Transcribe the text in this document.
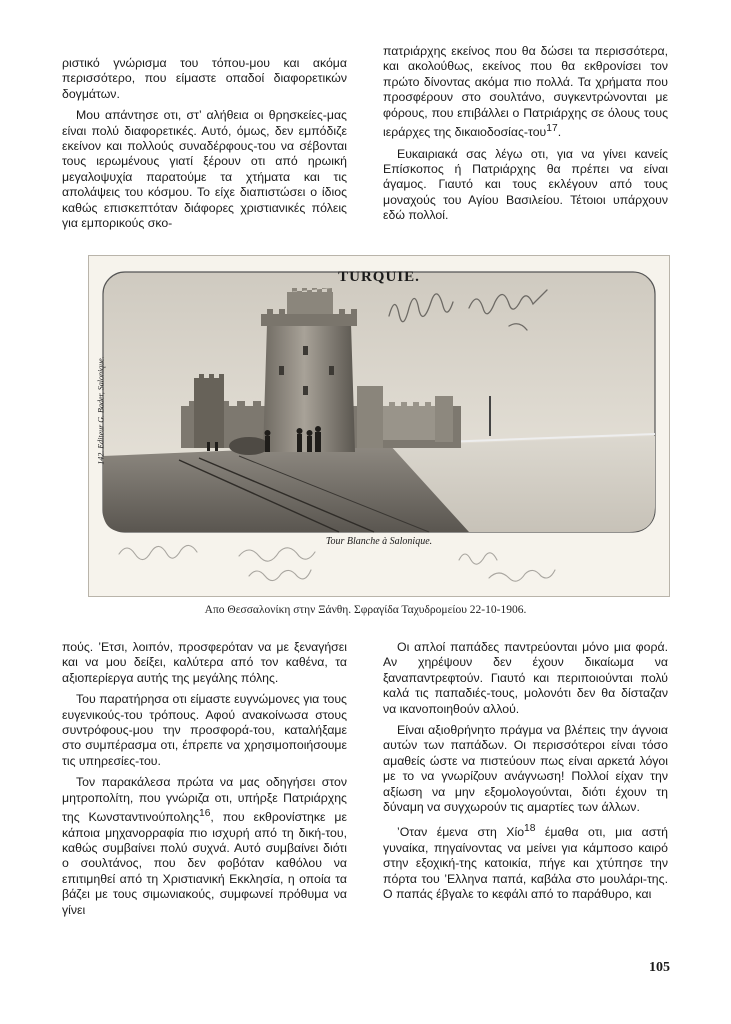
ριστικό γνώρισμα του τόπου-μου και ακόμα περισσότερο, που είμαστε οπαδοί διαφορετικών δογμάτων.

Μου απάντησε οτι, στ’ αλήθεια οι θρησκείες-μας είναι πολύ διαφορετικές. Αυτό, όμως, δεν εμπόδιζε εκείνον και πολλούς συναδέρφους-του να σέβονται τους ιερωμένους γιατί ξέρουν οτι από ηρωική μεγαλοψυχία παρατούμε τα χτήματα και τις απολάψεις του κόσμου. Το είχε διαπιστώσει ο ίδιος καθώς επισκεπτόταν διάφορες χριστιανικές πόλεις για εμπορικούς σκο-

πατριάρχης εκείνος που θα δώσει τα περισσότερα, και ακολούθως, εκείνος που θα εκθρονίσει τον πρώτο δίνοντας ακόμα πιο πολλά. Τα χρήματα που προσφέρουν στο σουλτάνο, συγκεντρώνονται με φόρους, που επιβάλλει ο Πατριάρχης σε όλους τους ιεράρχες της δικαιοδοσίας-του$^{17}$.

Ευκαιριακά σας λέγω οτι, για να γίνει κανείς Επίσκοπος ή Πατριάρχης θα πρέπει να είναι άγαμος. Γιαυτό και τους εκλέγουν από τους μοναχούς του Αγίου Βασιλείου. Τέτοιοι υπάρχουν εδώ πολλοί.

TURQUIE.
142. Editeur G. Bader, Salonique.
Tour Blanche à Salonique.
Απο Θεσσαλονίκη στην Ξάνθη. Σφραγίδα Ταχυδρομείου 22-10-1906.

πούς. ’Ετσι, λοιπόν, προσφερόταν να με ξεναγήσει και να μου δείξει, καλύτερα από τον καθένα, τα αξιοπερίεργα αυτής της μεγάλης πόλης.

Του παρατήρησα οτι είμαστε ευγνώμονες για τους ευγενικούς-του τρόπους. Αφού ανακοίνωσα στους συντρόφους-μου την προσφορά-του, καταλήξαμε στο συμπέρασμα οτι, έπρεπε να χρησιμοποιήσουμε τις υπηρεσίες-του.

Τον παρακάλεσα πρώτα να μας οδηγήσει στον μητροπολίτη, που γνώριζα οτι, υπήρξε Πατριάρχης της Κωνσταντινούπολης$^{16}$, που εκθρονίστηκε με κάποια μηχανορραφία πιο ισχυρή από τη δική-του, καθώς συμβαίνει πολύ συχνά. Αυτό συμβαίνει διότι ο σουλτάνος, που δεν φοβόταν καθόλου να επιτιμηθεί από τη Χριστιανική Εκκλησία, η οποία τα βάζει με τους σιμωνιακούς, συμφωνεί πρόθυμα να γίνει

Οι απλοί παπάδες παντρεύονται μόνο μια φορά. Αν χηρέψουν δεν έχουν δικαίωμα να ξαναπαντρεφτούν. Γιαυτό και περιποιούνται πολύ καλά τις παπαδιές-τους, μολονότι δεν θα δίσταζαν να ικανοποιηθούν αλλού.

Είναι αξιοθρήνητο πράγμα να βλέπεις την άγνοια αυτών των παπάδων. Οι περισσότεροι είναι τόσο αμαθείς ώστε να πιστεύουν πως είναι αρκετά λόγοι με το να γνωρίζουν ανάγνωση! Πολλοί είχαν την αξίωση να μην εξομολογούνται, διότι έχουν τη δύναμη να συγχωρούν τις αμαρτίες των άλλων.

’Οταν έμενα στη Χίο$^{18}$ έμαθα οτι, μια αστή γυναίκα, πηγαίνοντας να μείνει για κάμποσο καιρό στην εξοχική-της κατοικία, πήγε και χτύπησε την πόρτα του ’Ελληνα παπά, καβάλα στο μουλάρι-της. Ο παπάς έβγαλε το κεφάλι από το παράθυρο, και

105
